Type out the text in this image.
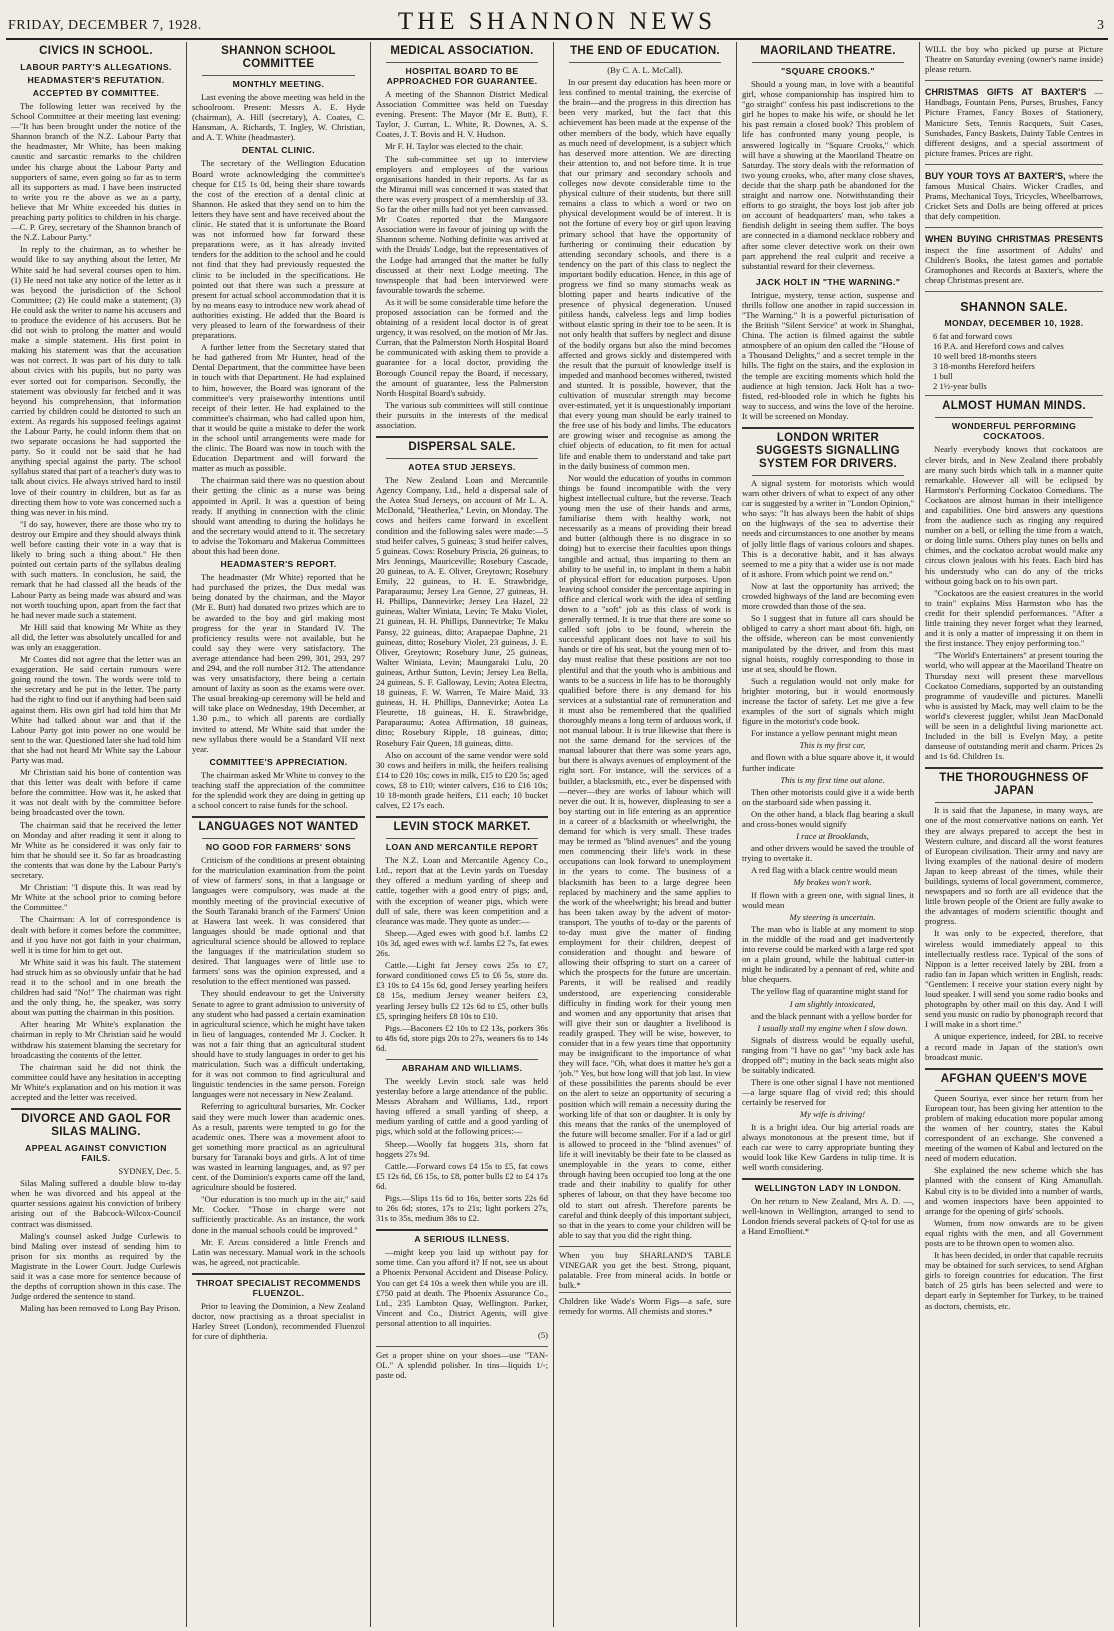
FRIDAY, DECEMBER 7, 1928.	THE SHANNON NEWS	3
CIVICS IN SCHOOL.
LABOUR PARTY'S ALLEGATIONS.
HEADMASTER'S REFUTATION.
ACCEPTED BY COMMITTEE.

The following letter was received by the School Committee at their meeting last evening:—"It has been brought under the notice of the Shannon branch of the N.Z. Labour Party that the headmaster, Mr White, has been making caustic and sarcastic remarks to the children under his charge about the Labour Party and supporters of same, even going so far as to term all its supporters as mad. I have been instructed to write you re the above as we as a party, believe that Mr White exceeded his duties in preaching party politics to children in his charge.—C. P. Grey, secretary of the Shannon branch of the N.Z. Labour Party."

In reply to the chairman, as to whether he would like to say anything about the letter, Mr White said he had several courses open to him. (1) He need not take any notice of the letter as it was beyond the jurisdiction of the School Committee; (2) He could make a statement; (3) He could ask the writer to name his accusers and to produce the evidence of his accusers. But he did not wish to prolong the matter and would make a simple statement. His first point in making his statement was that the accusation was not correct. It was part of his duty to talk about civics with his pupils, but no party was ever sorted out for comparison. Secondly, the statement was obviously far fetched and it was beyond his comprehension, that information carried by children could be distorted to such an extent. As regards his supposed feelings against the Labour Party, he could inform them that on two separate occasions he had supported the party. So it could not be said that he had anything special against the party. The school syllabus stated that part of a teacher's duty was to talk about civics. He always strived hard to instil love of their country in children, but as far as directing them how to vote was concerned such a thing was never in his mind.

"I do say, however, there are those who try to destroy our Empire and they should always think well before casting their vote in a way that is likely to bring such a thing about." He then pointed out certain parts of the syllabus dealing with such matters. In conclusion, he said, the remark that he had classed all the heads of the Labour Party as being made was absurd and was not worth touching upon, apart from the fact that he had never made such a statement.

Mr Hill said that knowing Mr White as they all did, the letter was absolutely uncalled for and was only an exaggeration.

Mr Coates did not agree that the letter was an exaggeration. He said certain rumours were going round the town. The words were told to the secretary and he put in the letter. The party had the right to find out if anything had been said against them. His own girl had told him that Mr White had talked about war and that if the Labour Party got into power no one would be sent to the war. Questioned later she had told him that she had not heard Mr White say the Labour Party was mad.

Mr Christian said his bone of contention was that this letter was dealt with before if came before the committee. How was it, he asked that it was not dealt with by the committee before being broadcasted over the town.

The chairman said that he received the letter on Monday and after reading it sent it along to Mr White as he considered it was only fair to him that he should see it. So far as broadcasting the contents that was done by the Labour Party's secretary.

Mr Christian: "I dispute this. It was read by Mr White at the school prior to coming before the Committee."

The Chairman: A lot of correspondence is dealt with before it comes before the committee, and if you have not got faith in your chairman, well it is time for him to get out.

Mr White said it was his fault. The statement had struck him as so obviously unfair that he had read it to the school and in one breath the children had said "No!" The chairman was right and the only thing, he, the speaker, was sorry about was putting the chairman in this position.

After hearing Mr White's explanation the chairman in reply to Mr Christian said he would withdraw his statement blaming the secretary for broadcasting the contents of the letter.

The chairman said he did not think the committee could have any hesitation in accepting Mr White's explanation and on his motion it was accepted and the letter was received.

DIVORCE AND GAOL FOR SILAS MALING.
APPEAL AGAINST CONVICTION FAILS.

SYDNEY, Dec. 5.

Silas Maling suffered a double blow to-day when he was divorced and his appeal at the quarter sessions against his conviction of bribery arising out of the Babcock-Wilcox-Council contract was dismissed.

Maling's counsel asked Judge Curlewis to bind Maling over instead of sending him to prison for six months as required by the Magistrate in the Lower Court. Judge Curlewis said it was a case more for sentence because of the depths of corruption shown in this case. The Judge ordered the sentence to stand.

Maling has been removed to Long Bay Prison.

SHANNON SCHOOL COMMITTEE
MONTHLY MEETING.

Last evening the above meeting was held in the schoolroom. Present: Messrs A. E. Hyde (chairman), A. Hill (secretary), A. Coates, C. Hansman, A. Richards, T. Ingley, W. Christian, and A. T. White (headmaster).

DENTAL CLINIC.

The secretary of the Wellington Education Board wrote acknowledging the committee's cheque for £15 1s 0d, being their share towards the cost of the erection of a dental clinic at Shannon. He asked that they send on to him the letters they have sent and have received about the clinic. He stated that it is unfortunate the Board was not informed how far forward these preparations were, as it has already invited tenders for the addition to the school and he could not find that they had previously requested the clinic to be included in the specifications. He pointed out that there was such a pressure at present for actual school accommodation that it is by no means easy to introduce new work ahead of authorities existing. He added that the Board is very pleased to learn of the forwardness of their preparations.

A further letter from the Secretary stated that he had gathered from Mr Hunter, head of the Dental Department, that the committee have been in touch with that Department. He had explained to him, however, the Board was ignorant of the committee's very praiseworthy intentions until receipt of their letter. He had explained to the committee's chairman, who had called upon him, that it would be quite a mistake to defer the work in the school until arrangements were made for the clinic. The Board was now in touch with the Education Department and will forward the matter as much as possible.

The chairman said there was no question about their getting the clinic as a nurse was being appointed in April. It was a question of being ready. If anything in connection with the clinic should want attending to during the holidays he and the secretary would attend to it. The secretary to advise the Tokomaru and Makerua Committees about this had been done.

HEADMASTER'S REPORT.

The headmaster (Mr White) reported that he had purchased the prizes, the Dux medal was being donated by the chairman, and the Mayor (Mr E. Butt) had donated two prizes which are to be awarded to the boy and girl making most progress for the year in Standard IV. The proficiency results were not available, but he could say they were very satisfactory. The average attendance had been 299, 301, 293, 297 and 294, and the roll number 312. The attendance was very unsatisfactory, there being a certain amount of laxity as soon as the exams were over. The usual breaking-up ceremony will be held and will take place on Wednesday, 19th December, at 1.30 p.m., to which all parents are cordially invited to attend. Mr White said that under the new syllabus there would be a Standard VII next year.

COMMITTEE'S APPRECIATION.

The chairman asked Mr White to convey to the teaching staff the appreciation of the committee for the splendid work they are doing in getting up a school concert to raise funds for the school.

LANGUAGES NOT WANTED
NO GOOD FOR FARMERS' SONS

Criticism of the conditions at present obtaining for the matriculation examination from the point of view of farmers' sons, in that a language or languages were compulsory, was made at the monthly meeting of the provincial executive of the South Taranaki branch of the Farmers' Union at Hawera last week. It was considered that languages should be made optional and that agricultural science should be allowed to replace the languages if the matriculation student so desired. That languages were of little use to farmers' sons was the opinion expressed, and a resolution to the effect mentioned was passed.

They should endeavour to get the University Senate to agree to grant admission to university of any student who had passed a certain examination in agricultural science, which he might have taken in lieu of languages, contended Mr J. Cocker. It was not a fair thing that an agricultural student should have to study languages in order to get his matriculation. Such was a difficult undertaking, for it was not common to find agricultural and linguistic tendencies in the same person. Foreign languages were not necessary in New Zealand.

Referring to agricultural bursaries, Mr. Cocker said they were much lower than academic ones. As a result, parents were tempted to go for the academic ones. There was a movement afoot to get something more practical as an agricultural bursary for Taranaki boys and girls. A lot of time was wasted in learning languages, and, as 97 per cent. of the Dominion's exports came off the land, agriculture should be fostered.

"Our education is too much up in the air," said Mr. Cocker. "Those in charge were not sufficiently practicable. As an instance, the work done in the manual schools could be improved."

Mr. F. Arcus considered a little French and Latin was necessary. Manual work in the schools was, he agreed, not practicable.

THROAT SPECIALIST RECOMMENDS FLUENZOL.

Prior to leaving the Dominion, a New Zealand doctor, now practising as a throat specialist in Harley Street (London), recommended Fluenzol for cure of diphtheria.

MEDICAL ASSOCIATION.
HOSPITAL BOARD TO BE APPROACHED FOR GUARANTEE.

A meeting of the Shannon District Medical Association Committee was held on Tuesday evening. Present: The Mayor (Mr E. Butt), F. Taylor, J. Curran, L. White, R. Downes, A. S. Coates, J. T. Bovis and H. V. Hudson.

Mr F. H. Taylor was elected to the chair.

The sub-committee set up to interview employers and employees of the various organisations handed in their reports. As far as the Miranui mill was concerned it was stated that there was every prospect of a membership of 33. So far the other mills had not yet been canvassed. Mr Coates reported that the Mangaore Association were in favour of joining up with the Shannon scheme. Nothing definite was arrived at with the Druids' Lodge, but the representatives of the Lodge had arranged that the matter be fully discussed at their next Lodge meeting. The townspeople that had been interviewed were favourable towards the scheme.

As it will be some considerable time before the proposed association can be formed and the obtaining of a resident local doctor is of great urgency, it was resolved, on the motion of Mr Jas. Curran, that the Palmerston North Hospital Board be communicated with asking them to provide a guarantee for a local doctor, providing the Borough Council repay the Board, if necessary, the amount of guarantee, less the Palmerston North Hospital Board's subsidy.

The various sub committees will still continue their pursuits in the interests of the medical association.

DISPERSAL SALE.
AOTEA STUD JERSEYS.

The New Zealand Loan and Mercantile Agency Company, Ltd., held a dispersal sale of the Aotea Stud Jerseys, on account of Mr L. A. McDonald, "Heatherlea," Levin, on Monday. The cows and heifers came forward in excellent condition and the following sales were made:—5 stud heifer calves, 5 guineas; 3 stud heifer calves, 5 guineas. Cows: Rosebury Priscia, 26 guineas, to Mrs Jennings, Mauriceville; Rosebury Cascade, 20 guineas, to A. E. Oliver, Greytown; Rosebury Emily, 22 guineas, to H. E. Strawbridge, Paraparaumu; Jersey Lea Genoe, 27 guineas, H. H. Phillips, Dannevirke; Jersey Lea Hazel, 22 guineas, Walter Winiata, Levin; Te Maku Violet, 21 guineas, H. H. Phillips, Dannevirke; Te Maku Pansy, 22 guineas, ditto; Arapaepae Daphne, 21 guineas, ditto; Rosebury Violet, 23 guineas, J. E. Oliver, Greytown; Rosebury June, 25 guineas, Walter Winiata, Levin; Maungaraki Lulu, 20 guineas, Arthur Sutton, Levin; Jersey Lea Bella, 24 guineas, S. F. Galloway, Levin; Aotea Electra, 18 guineas, F. W. Warren, Te Maire Maid, 33 guineas, H. H. Phillips, Dannevirke; Aotea La Fleurette, 18 guineas, H. E. Strawbridge, Paraparaumu; Aotea Affirmation, 18 guineas, ditto; Rosebury Ripple, 18 guineas, ditto; Rosebury Fair Queen, 18 guineas, ditto.

Also on account of the same vendor were sold 30 cows and heifers in milk, the heifers realising £14 to £20 10s; cows in milk, £15 to £20 5s; aged cows, £8 to £10; winter calvers, £16 to £16 10s; 10 18-month grade heifers, £11 each; 10 bucket calves, £2 17s each.

LEVIN STOCK MARKET.
LOAN AND MERCANTILE REPORT

The N.Z. Loan and Mercantile Agency Co., Ltd., report that at the Levin yards on Tuesday they offered a medium yarding of sheep and cattle, together with a good entry of pigs; and, with the exception of weaner pigs, which were dull of sale, there was keen competition and a clearance was made. They quote as under:—

Sheep.—Aged ewes with good b.f. lambs £2 10s 3d, aged ewes with w.f. lambs £2 7s, fat ewes 26s.

Cattle.—Light fat Jersey cows 25s to £7, forward conditioned cows £5 to £6 5s, store do. £3 10s to £4 15s 6d, good Jersey yearling heifers £8 15s, medium Jersey weaner heifers £3, yearling Jersey bulls £2 12s 6d to £5, other bulls £5, springing heifers £8 10s to £10.

Pigs.—Baconers £2 10s to £2 13s, porkers 36s to 48s 6d, store pigs 20s to 27s, weaners 6s to 14s 6d.

ABRAHAM AND WILLIAMS.

The weekly Levin stock sale was held yesterday before a large attendance of the public. Messrs Abraham and Williams, Ltd., report having offered a small yarding of sheep, a medium yarding of cattle and a good yarding of pigs, which sold at the following prices:—

Sheep.—Woolly fat hoggets 31s, shorn fat hoggets 27s 9d.

Cattle.—Forward cows £4 15s to £5, fat cows £5 12s 6d, £6 15s, to £8, potter bulls £2 to £4 17s 6d.

Pigs.—Slips 11s 6d to 16s, better sorts 22s 6d to 26s 6d; stores, 17s to 21s; light porkers 27s, 31s to 35s, medium 38s to £2.

A SERIOUS ILLNESS.

—might keep you laid up without pay for some time. Can you afford it? If not, see us about a Phoenix Personal Accident and Disease Policy. You can get £4 10s a week then while you are ill. £750 paid at death. The Phoenix Assurance Co., Ltd., 235 Lambton Quay, Wellington. Parker, Vincent and Co., District Agents, will give personal attention to all inquiries.

(5)

Get a proper shine on your shoes—use "TAN-OL." A splendid polisher. In tins—liquids 1/-; paste od.

THE END OF EDUCATION.

(By C. A. L. McCall).

In our present day education has been more or less confined to mental training, the exercise of the brain—and the progress in this direction has been very marked, but the fact that this achievement has been made at the expense of the other members of the body, which have equally as much need of development, is a subject which has deserved more attention. We are directing their attention to, and not before time. It is true that our primary and secondary schools and colleges now devote considerable time to the physical culture of their students, but there still remains a class to which a word or two on physical development would be of interest. It is not the fortune of every boy or girl upon leaving primary school that have the opportunity of furthering or continuing their education by attending secondary schools, and there is a tendency on the part of this class to neglect the important bodily education. Hence, in this age of progress we find so many stomachs weak as blotting paper and hearts indicative of the presence of physical degeneration. Unused pitiless hands, calveless legs and limp bodies without elastic spring in their toe to be seen. It is not only health that suffers by neglect and disuse of the bodily organs but also the mind becomes affected and grows sickly and distempered with the result that the pursuit of knowledge itself is impeded and manhood becomes withered, twisted and stunted. It is possible, however, that the cultivation of muscular strength may become over-estimated, yet it is unquestionably important that every young man should be early trained to the free use of his body and limbs. The educators are growing wiser and recognise as among the chief objects of education, to fit men for actual life and enable them to understand and take part in the daily business of common men.

Nor would the education of youths in common things be found incompatible with the very highest intellectual culture, but the reverse. Teach young men the use of their hands and arms, familiarise them with healthy work, not necessarily as a means of providing their bread and butter (although there is no disgrace in so doing) but to exercise their faculties upon things tangible and actual, thus imparting to them an ability to be useful in, to implant in them a habit of physical effort for education purposes. Upon leaving school consider the percentage aspiring in office and clerical work with the idea of settling down to a "soft" job as this class of work is generally termed. It is true that there are some so called soft jobs to be found, wherein the successful applicant does not have to soil his hands or tire of his seat, but the young men of to-day must realise that these positions are not too plentiful and that the youth who is ambitious and wants to be a success in life has to be thoroughly qualified before there is any demand for his services at a substantial rate of remuneration and it must also be remembered that the qualified thoroughly means a long term of arduous work, if not manual labour. It is true likewise that there is not the same demand for the services of the manual labourer that there was some years ago, but there is always avenues of employment of the right sort. For instance, will the services of a builder, a blacksmith, etc., ever be dispensed with—never—they are works of labour which will never die out. It is, however, displeasing to see a boy starting out in life entering as an apprentice in a career of a blacksmith or wheelwright, the demand for which is very small. These trades may be termed as "blind avenues" and the young men commencing their life's work in these occupations can look forward to unemployment in the years to come. The business of a blacksmith has been to a large degree been replaced by machinery and the same applies to the work of the wheelwright; his bread and butter has been taken away by the advent of motor-transport. The youths of to-day or the parents of to-day must give the matter of finding employment for their children, deepest of consideration and thought and beware of allowing their offspring to start on a career of which the prospects for the future are uncertain. Parents, it will be realised and readily understood, are experiencing considerable difficulty in finding work for their young men and women and any opportunity that arises that will give their son or daughter a livelihood is readily grasped. They will be wise, however, to consider that in a few years time that opportunity may be insignificant to the importance of what they will face. "Oh, what does it matter he's got a 'job.'" Yes, but how long will that job last. In view of these possibilities the parents should be ever on the alert to seize an opportunity of securing a position which will remain a necessity during the working life of that son or daughter. It is only by this means that the ranks of the unemployed of the future will become smaller. For if a lad or girl is allowed to proceed in the "blind avenues" of life it will inevitably be their fate to be classed as unemployable in the years to come, either through having been occupied too long at the one trade and their inability to qualify for other spheres of labour, on that they have become too old to start out afresh. Therefore parents be careful and think deeply of this important subject, so that in the years to come your children will be able to say that you did the right thing.

When you buy SHARLAND'S TABLE VINEGAR you get the best. Strong, piquant, palatable. Free from mineral acids. In bottle or bulk.*

Children like Wade's Worm Figs—a safe, sure remedy for worms. All chemists and stores.*

MAORILAND THEATRE.
"SQUARE CROOKS."

Should a young man, in love with a beautiful girl, whose companionship has inspired him to "go straight" confess his past indiscretions to the girl he hopes to make his wife, or should he let his past remain a closed book? This problem of life has confronted many young people, is answered logically in "Square Crooks," which will have a showing at the Maoriland Theatre on Saturday. The story deals with the reformation of two young crooks, who, after many close shaves, decide that the sharp path be abandoned for the straight and narrow one. Notwithstanding their efforts to go straight, the boys lost job after job on account of headquarters' man, who takes a fiendish delight in seeing them suffer. The boys are connected in a diamond necklace robbery and after some clever detective work on their own part apprehend the real culprit and receive a substantial reward for their cleverness.

JACK HOLT IN "THE WARNING."

Intrigue, mystery, tense action, suspense and thrills follow one another in rapid succession in "The Warning." It is a powerful picturisation of the British "Silent Service" at work in Shanghai, China. The action is filmed against the subtle atmosphere of an opium den called the "House of a Thousand Delights," and a secret temple in the hills. The fight on the stairs, and the explosion in the temple are exciting moments which hold the audience at high tension. Jack Holt has a two-fisted, red-blooded role in which he fights his way to success, and wins the love of the heroine. It will be screened on Monday.

LONDON WRITER SUGGESTS SIGNALLING SYSTEM FOR DRIVERS.

A signal system for motorists which would warn other drivers of what to expect of any other car is suggested by a writer in "London Opinion," who says: "It has always been the habit of ships on the highways of the sea to advertise their needs and circumstances to one another by means of jolly little flags of various colours and shapes. This is a decorative habit, and it has always seemed to me a pity that a wider use is not made of it ashore. From which point we rend on."

Now at last the opportunity has arrived; the crowded highways of the land are becoming even more crowded than those of the sea.

So I suggest that in future all cars should be obliged to carry a short mast about 6ft. high, on the offside, whereon can be most conveniently manipulated by the driver, and from this mast signal hoists, roughly corresponding to those in use at sea, should be flown.

Such a regulation would not only make for brighter motoring, but it would enormously increase the factor of safety. Let me give a few examples of the sort of signals which might figure in the motorist's code book.

For instance a yellow pennant might mean

This is my first car,

and flown with a blue square above it, it would further indicate

This is my first time out alone.

Then other motorists could give it a wide berth on the starboard side when passing it.

On the other hand, a black flag bearing a skull and cross-bones would signify

I race at Brooklands,

and other drivers would be saved the trouble of trying to overtake it.

A red flag with a black centre would mean

My brakes won't work.

If flown with a green one, with signal lines, it would mean

My steering is uncertain.

The man who is liable at any moment to stop in the middle of the road and get inadvertently into reverse could be marked with a large red spot on a plain ground, while the habitual cutter-in might be indicated by a pennant of red, white and blue chequers.

The yellow flag of quarantine might stand for

I am slightly intoxicated,

and the black pennant with a yellow border for

I usually stall my engine when I slow down.

Signals of distress would be equally useful, ranging from "I have no gas" "my back axle has dropped off"; mutiny in the back seats might also be suitably indicated.

There is one other signal I have not mentioned—a large square flag of vivid red; this should certainly be reserved for

My wife is driving!

It is a bright idea. Our big arterial roads are always monotonous at the present time, but if each car were to carry appropriate bunting they would look like Kew Gardens in tulip time. It is well worth considering.

WELLINGTON LADY IN LONDON.

On her return to New Zealand, Mrs A. D. —, well-known in Wellington, arranged to send to London friends several packets of Q-tol for use as a Hand Emollient.*

WILL the boy who picked up purse at Picture Theatre on Saturday evening (owner's name inside) please return.

CHRISTMAS GIFTS AT BAXTER'S —Handbags, Fountain Pens, Purses, Brushes, Fancy Picture Frames, Fancy Boxes of Stationery, Manicure Sets, Tennis Racquets, Suit Cases, Sunshades, Fancy Baskets, Dainty Table Centres in different designs, and a special assortment of picture frames. Prices are right.

BUY YOUR TOYS AT BAXTER'S, where the famous Musical Chairs. Wicker Cradles, and Prams, Mechanical Toys, Tricycles, Wheelbarrows, Cricket Sets and Dolls are being offered at prices that defy competition.

WHEN BUYING CHRISTMAS PRESENTS inspect the fine assortment of Adults' and Children's Books, the latest games and portable Gramophones and Records at Baxter's, where the cheap Christmas present are.

SHANNON SALE.
MONDAY, DECEMBER 10, 1928.
6 fat and forward cows
16 P.A. and Hereford cows and calves
10 well bred 18-months steers
3 18-months Hereford heifers
1 bull
2 1½-year bulls
ALMOST HUMAN MINDS.
WONDERFUL PERFORMING COCKATOOS.

Nearly everybody knows that cockatoos are clever birds, and in New Zealand there probably are many such birds which talk in a manner quite remarkable. However all will be eclipsed by Harmston's Performing Cockatoo Comedians. The Cockatoos are almost human in their intelligence and capabilities. One bird answers any questions from the audience such as ringing any required number on a bell, or telling the time from a watch, or doing little sums. Others play tunes on bells and chimes, and the cockatoo acrobat would make any circus clown jealous with his feats. Each bird has his understudy who can do any of the tricks without going back on to his own part.

"Cockatoos are the easiest creatures in the world to train" explains Miss Harmston who has the credit for their splendid performances. "After a little training they never forget what they learned, and it is only a matter of impressing it on them in the first instance. They enjoy performing too."

"The World's Entertainers" at present touring the world, who will appear at the Maoriland Theatre on Thursday next will present these marvellous Cockatoo Comedians, supported by an outstanding programme of vaudeville and pictures. Manelli who is assisted by Mack, may well claim to be the world's cleverest juggler, whilst Jean MacDonald will be seen in a delightful living marionette act. Included in the bill is Evelyn May, a petite danseuse of outstanding merit and charm. Prices 2s and 1s 6d. Children 1s.

THE THOROUGHNESS OF JAPAN

It is said that the Japanese, in many ways, are one of the most conservative nations on earth. Yet they are always prepared to accept the best in Western culture, and discard all the worst features of European civilisation. Their army and navy are living examples of the national desire of modern Japan to keep abreast of the times, while their buildings, systems of local government, commerce, newspapers and so forth are all evidence that the little brown people of the Orient are fully awake to the advantages of modern scientific thought and progress.

It was only to be expected, therefore, that wireless would immediately appeal to this intellectually restless race. Typical of the sons of Nippon is a letter received lately by 2BL from a radio fan in Japan which written in English, reads: "Gentlemen: I receive your station every night by loud speaker. I will send you some radio books and photographs by other mail on this day. And I will send you music on radio by phonograph record that I will make in a short time."

A unique experience, indeed, for 2BL to receive a record made in Japan of the station's own broadcast music.

AFGHAN QUEEN'S MOVE

Queen Souriya, ever since her return from her European tour, has been giving her attention to the problem of making education more popular among the women of her country, states the Kabul correspondent of an exchange. She convened a meeting of the women of Kabul and lectured on the need of modern education.

She explained the new scheme which she has planned with the consent of King Amanullah. Kabul city is to be divided into a number of wards, and women inspectors have been appointed to arrange for the opening of girls' schools.

Women, from now onwards are to be given equal rights with the men, and all Government posts are to be thrown open to women also.

It has been decided, in order that capable recruits may be obtained for such services, to send Afghan girls to foreign countries for education. The first batch of 25 girls has been selected and were to depart early in September for Turkey, to be trained as doctors, chemists, etc.
